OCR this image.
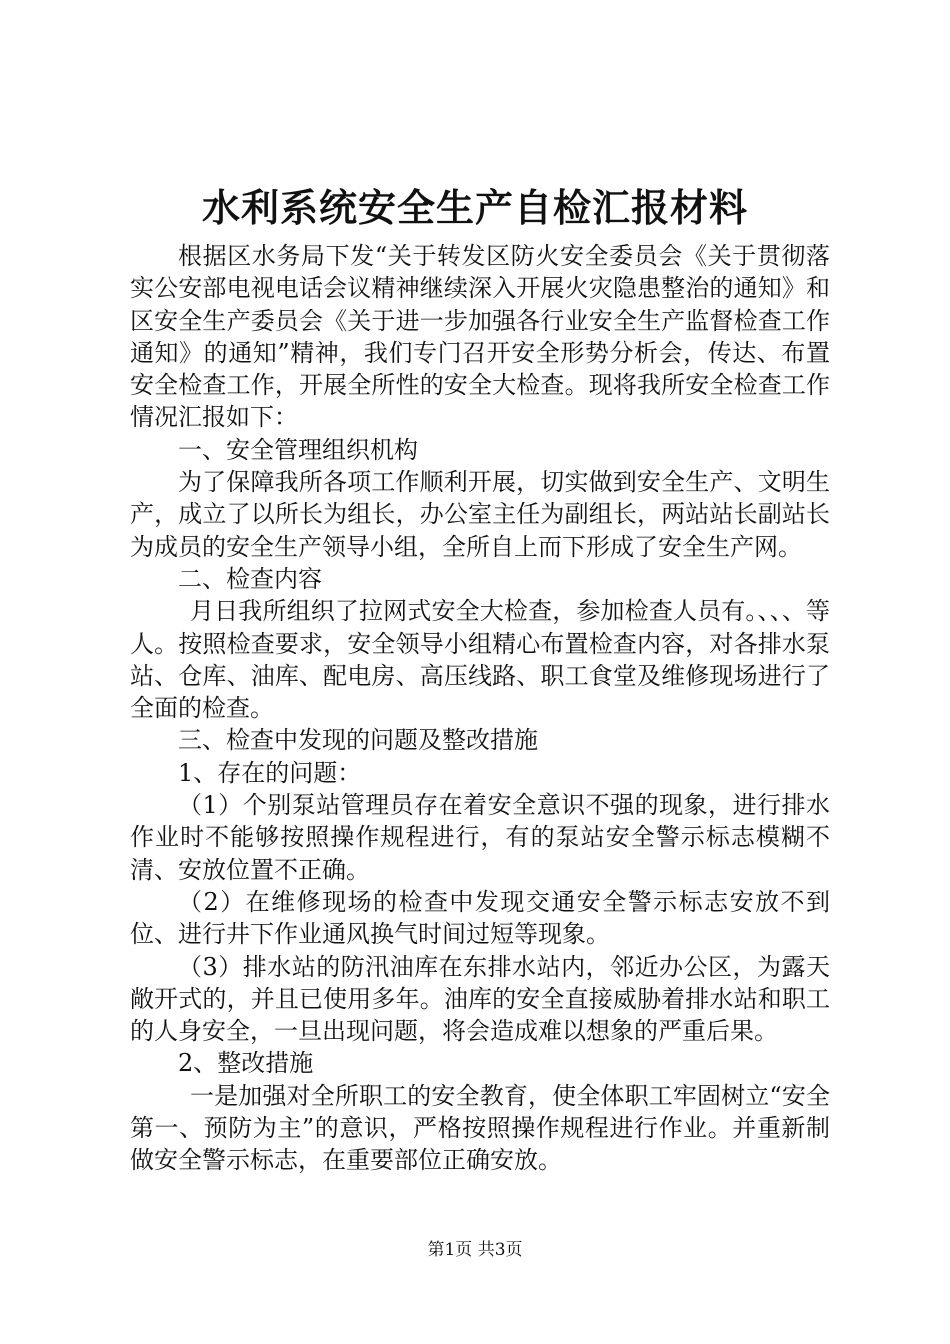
水利系统安全生产自检汇报材料

根据区水务局下发“关于转发区防火安全委员会《关于贯彻落实公安部电视电话会议精神继续深入开展火灾隐患整治的通知》和区安全生产委员会《关于进一步加强各行业安全生产监督检查工作通知》的通知”精神，我们专门召开安全形势分析会，传达、布置安全检查工作，开展全所性的安全大检查。现将我所安全检查工作情况汇报如下：

一、安全管理组织机构

为了保障我所各项工作顺利开展，切实做到安全生产、文明生产，成立了以所长为组长，办公室主任为副组长，两站站长副站长为成员的安全生产领导小组，全所自上而下形成了安全生产网。

二、检查内容

月日我所组织了拉网式安全大检查，参加检查人员有。、、、等人。按照检查要求，安全领导小组精心布置检查内容，对各排水泵站、仓库、油库、配电房、高压线路、职工食堂及维修现场进行了全面的检查。

三、检查中发现的问题及整改措施

1、存在的问题：

（1）个别泵站管理员存在着安全意识不强的现象，进行排水作业时不能够按照操作规程进行，有的泵站安全警示标志模糊不清、安放位置不正确。

（2）在维修现场的检查中发现交通安全警示标志安放不到位、进行井下作业通风换气时间过短等现象。

（3）排水站的防汛油库在东排水站内，邻近办公区，为露天敞开式的，并且已使用多年。油库的安全直接威胁着排水站和职工的人身安全，一旦出现问题，将会造成难以想象的严重后果。

2、整改措施

一是加强对全所职工的安全教育，使全体职工牢固树立“安全第一、预防为主”的意识，严格按照操作规程进行作业。并重新制做安全警示标志，在重要部位正确安放。

第1页 共3页
